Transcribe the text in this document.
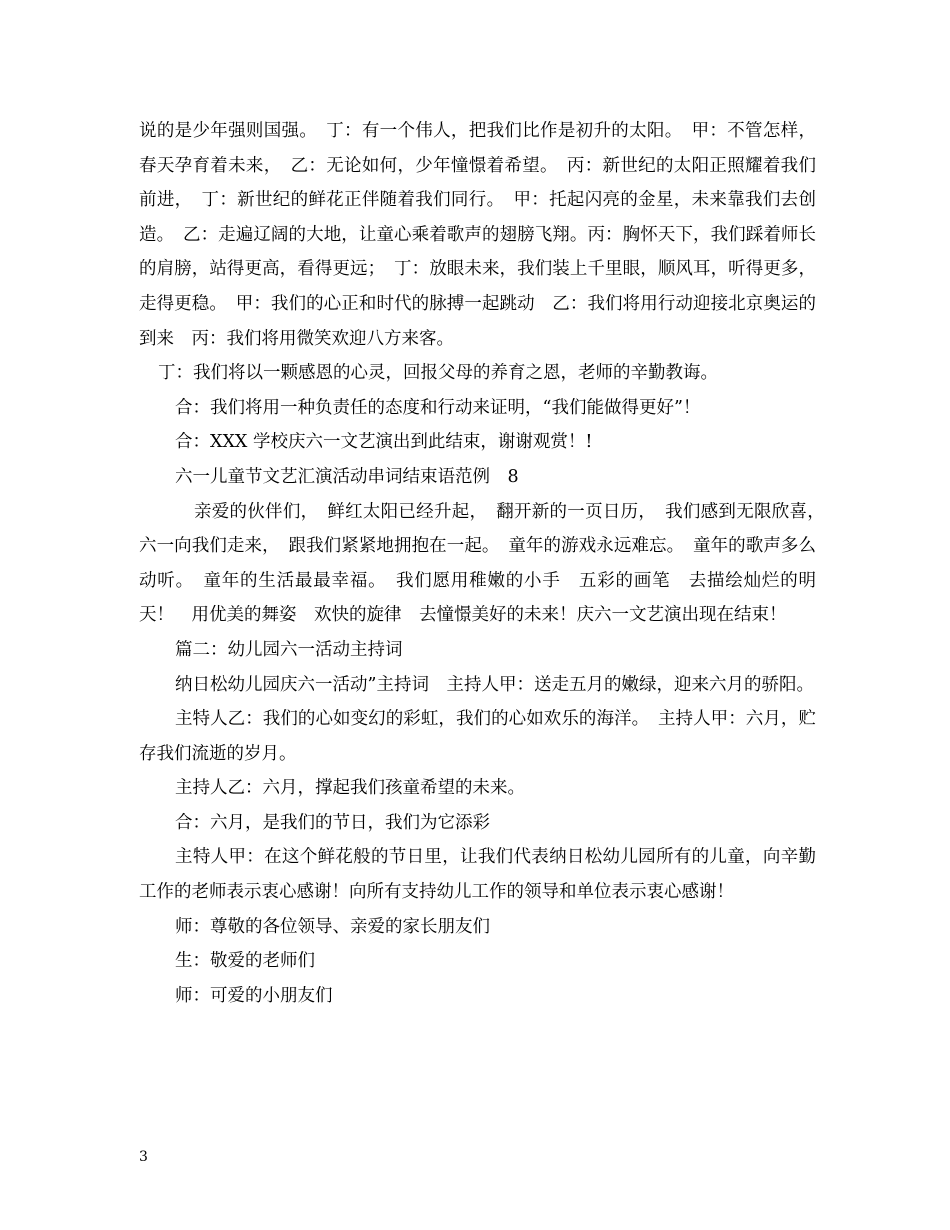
说的是少年强则国强。　丁：有一个伟人，把我们比作是初升的太阳。　甲：不管怎样，春天孕育着未来，　乙：无论如何，少年憧憬着希望。　丙：新世纪的太阳正照耀着我们前进，　丁：新世纪的鲜花正伴随着我们同行。　甲：托起闪亮的金星，未来靠我们去创造。　乙：走遍辽阔的大地，让童心乘着歌声的翅膀飞翔。丙：胸怀天下，我们踩着师长的肩膀，站得更高，看得更远；　丁：放眼未来，我们装上千里眼，顺风耳，听得更多，走得更稳。　甲：我们的心正和时代的脉搏一起跳动　乙：我们将用行动迎接北京奥运的到来　丙：我们将用微笑欢迎八方来客。

丁：我们将以一颗感恩的心灵，回报父母的养育之恩，老师的辛勤教诲。

合：我们将用一种负责任的态度和行动来证明，“我们能做得更好”！

合：XXX 学校庆六一文艺演出到此结束，谢谢观赏！!

六一儿童节文艺汇演活动串词结束语范例　8

亲爱的伙伴们，　鲜红太阳已经升起，　翻开新的一页日历，　我们感到无限欣喜，　六一向我们走来，　跟我们紧紧地拥抱在一起。　童年的游戏永远难忘。　童年的歌声多么动听。　童年的生活最最幸福。　我们愿用稚嫩的小手　五彩的画笔　去描绘灿烂的明天！　用优美的舞姿　欢快的旋律　去憧憬美好的未来！庆六一文艺演出现在结束！

篇二：幼儿园六一活动主持词

纳日松幼儿园庆六一活动”主持词　主持人甲：送走五月的嫩绿，迎来六月的骄阳。

主特人乙：我们的心如变幻的彩虹，我们的心如欢乐的海洋。　主持人甲：六月，贮存我们流逝的岁月。

主持人乙：六月，撑起我们孩童希望的未来。

合：六月，是我们的节日，我们为它添彩

主特人甲：在这个鲜花般的节日里，让我们代表纳日松幼儿园所有的儿童，向辛勤工作的老师表示衷心感谢！向所有支持幼儿工作的领导和单位表示衷心感谢！

师：尊敬的各位领导、亲爱的家长朋友们

生：敬爱的老师们

师：可爱的小朋友们

3
